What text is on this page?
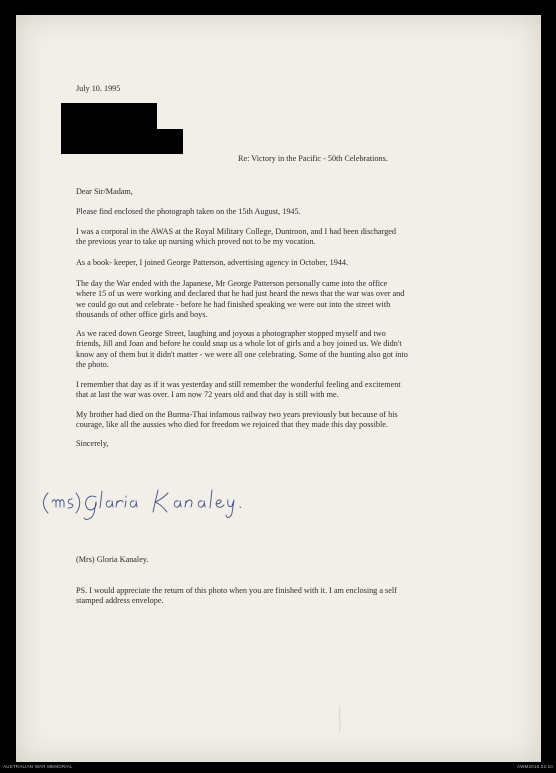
July 10. 1995
Re: Victory in the Pacific - 50th Celebrations.
Dear Sir/Madam,
Please find enclosed the photograph taken on the 15th August, 1945.
I was a corporal in the AWAS at the Royal Military College, Duntroon, and I had been discharged
the previous year to take up nursing which proved not to be my vocation.
As a book- keeper, I joined George Patterson, advertising agency in October, 1944.
The day the War ended with the Japanese, Mr George Patterson personally came into the office
where 15 of us were working and declared that he had just heard the news that the war was over and
we could go out and celebrate - before he had finished speaking we were out into the street with
thousands of other office girls and boys.
As we raced down George Street, laughing and joyous a photographer stopped myself and two
friends, Jill and Joan and before he could snap us a whole lot of girls and a boy joined us. We didn't
know any of them but it didn't matter - we were all one celebrating. Some of the bunting also got into
the photo.
I remember that day as if it was yesterday and still remember the wonderful feeling and excitement
that at last the war was over. I am now 72 years old and that day is still with me.
My brother had died on the Burma-Thai infamous railway two years previously but because of his
courage, like all the aussies who died for freedom we rejoiced that they made this day possible.
Sincerely,
(Mrs) Gloria Kanaley.
PS. I would appreciate the return of this photo when you are finished with it. I am enclosing a self
stamped address envelope.
AUSTRALIAN WAR MEMORIAL	AWM2016.22.10
